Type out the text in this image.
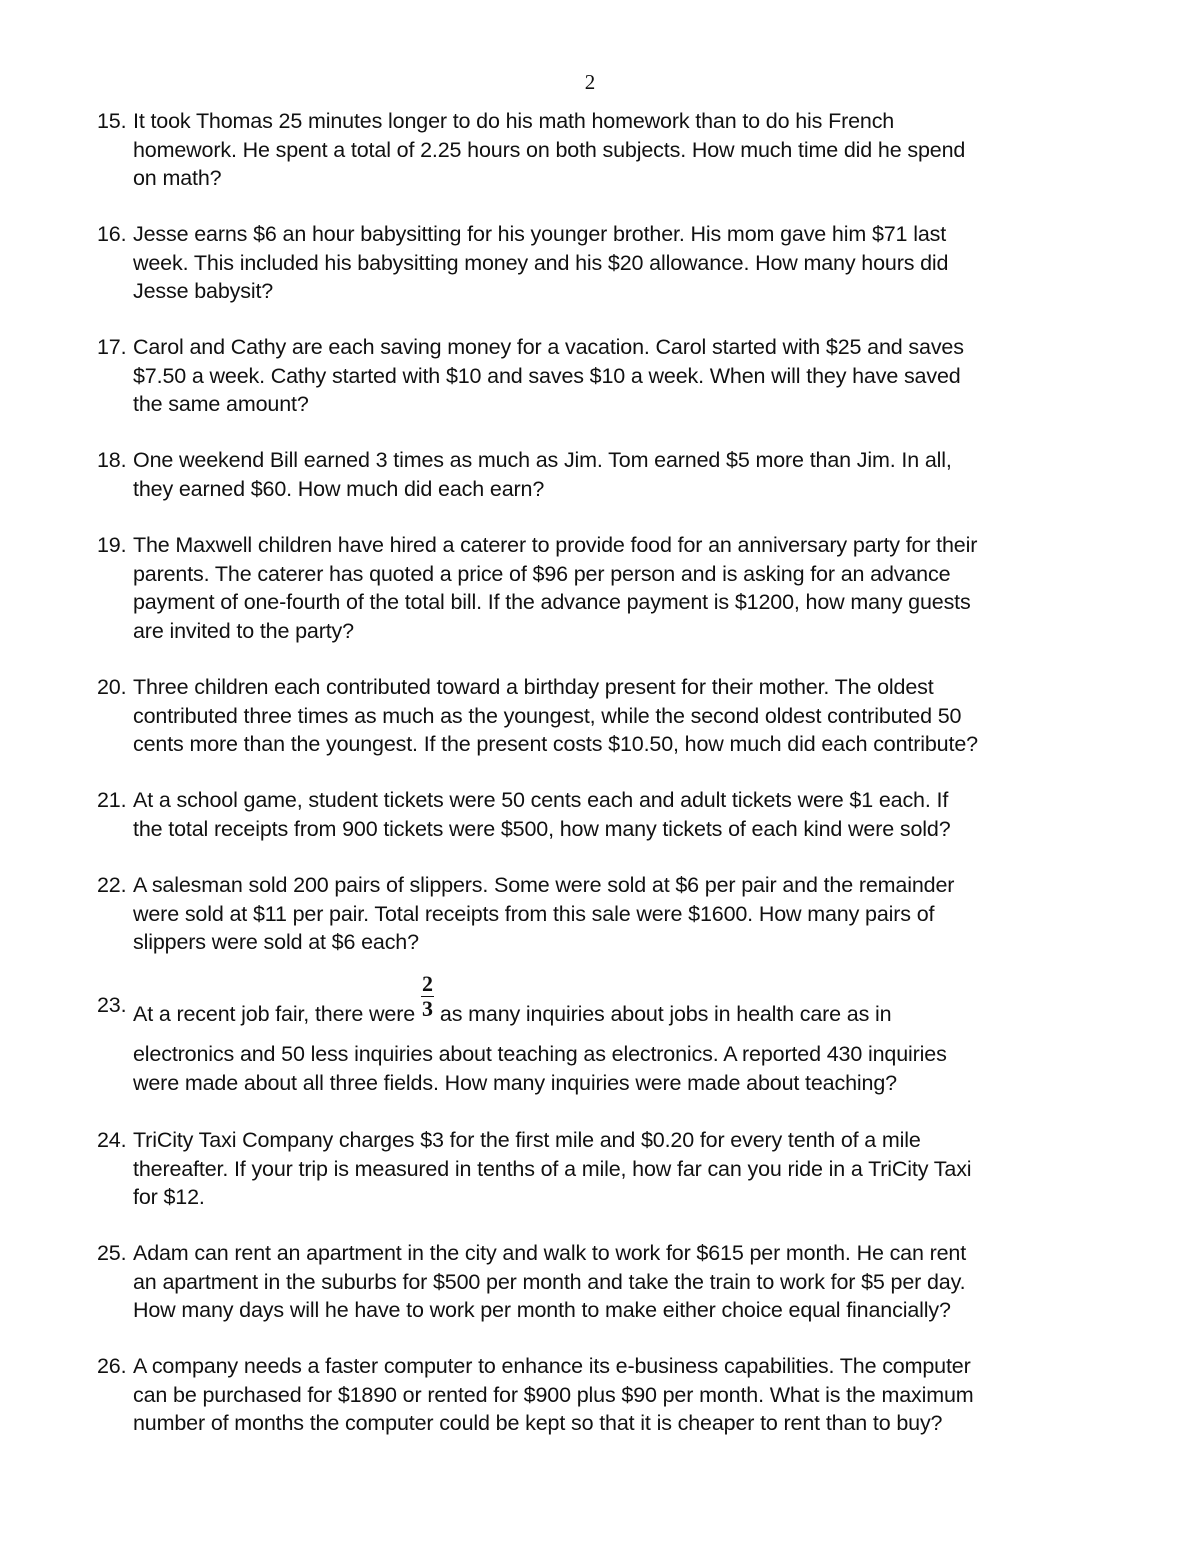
2
15. It took Thomas 25 minutes longer to do his math homework than to do his French
homework. He spent a total of 2.25 hours on both subjects. How much time did he spend
on math?
16. Jesse earns $6 an hour babysitting for his younger brother. His mom gave him $71 last
week. This included his babysitting money and his $20 allowance. How many hours did
Jesse babysit?
17. Carol and Cathy are each saving money for a vacation. Carol started with $25 and saves
$7.50 a week. Cathy started with $10 and saves $10 a week. When will they have saved
the same amount?
18. One weekend Bill earned 3 times as much as Jim. Tom earned $5 more than Jim. In all,
they earned $60. How much did each earn?
19. The Maxwell children have hired a caterer to provide food for an anniversary party for their
parents. The caterer has quoted a price of $96 per person and is asking for an advance
payment of one-fourth of the total bill. If the advance payment is $1200, how many guests
are invited to the party?
20. Three children each contributed toward a birthday present for their mother. The oldest
contributed three times as much as the youngest, while the second oldest contributed 50
cents more than the youngest. If the present costs $10.50, how much did each contribute?
21. At a school game, student tickets were 50 cents each and adult tickets were $1 each. If
the total receipts from 900 tickets were $500, how many tickets of each kind were sold?
22. A salesman sold 200 pairs of slippers. Some were sold at $6 per pair and the remainder
were sold at $11 per pair. Total receipts from this sale were $1600. How many pairs of
slippers were sold at $6 each?
23. At a recent job fair, there were $\frac{2}{3}$ as many inquiries about jobs in health care as in
electronics and 50 less inquiries about teaching as electronics. A reported 430 inquiries
were made about all three fields. How many inquiries were made about teaching?
24. TriCity Taxi Company charges $3 for the first mile and $0.20 for every tenth of a mile
thereafter. If your trip is measured in tenths of a mile, how far can you ride in a TriCity Taxi
for $12.
25. Adam can rent an apartment in the city and walk to work for $615 per month. He can rent
an apartment in the suburbs for $500 per month and take the train to work for $5 per day.
How many days will he have to work per month to make either choice equal financially?
26. A company needs a faster computer to enhance its e-business capabilities. The computer
can be purchased for $1890 or rented for $900 plus $90 per month. What is the maximum
number of months the computer could be kept so that it is cheaper to rent than to buy?
